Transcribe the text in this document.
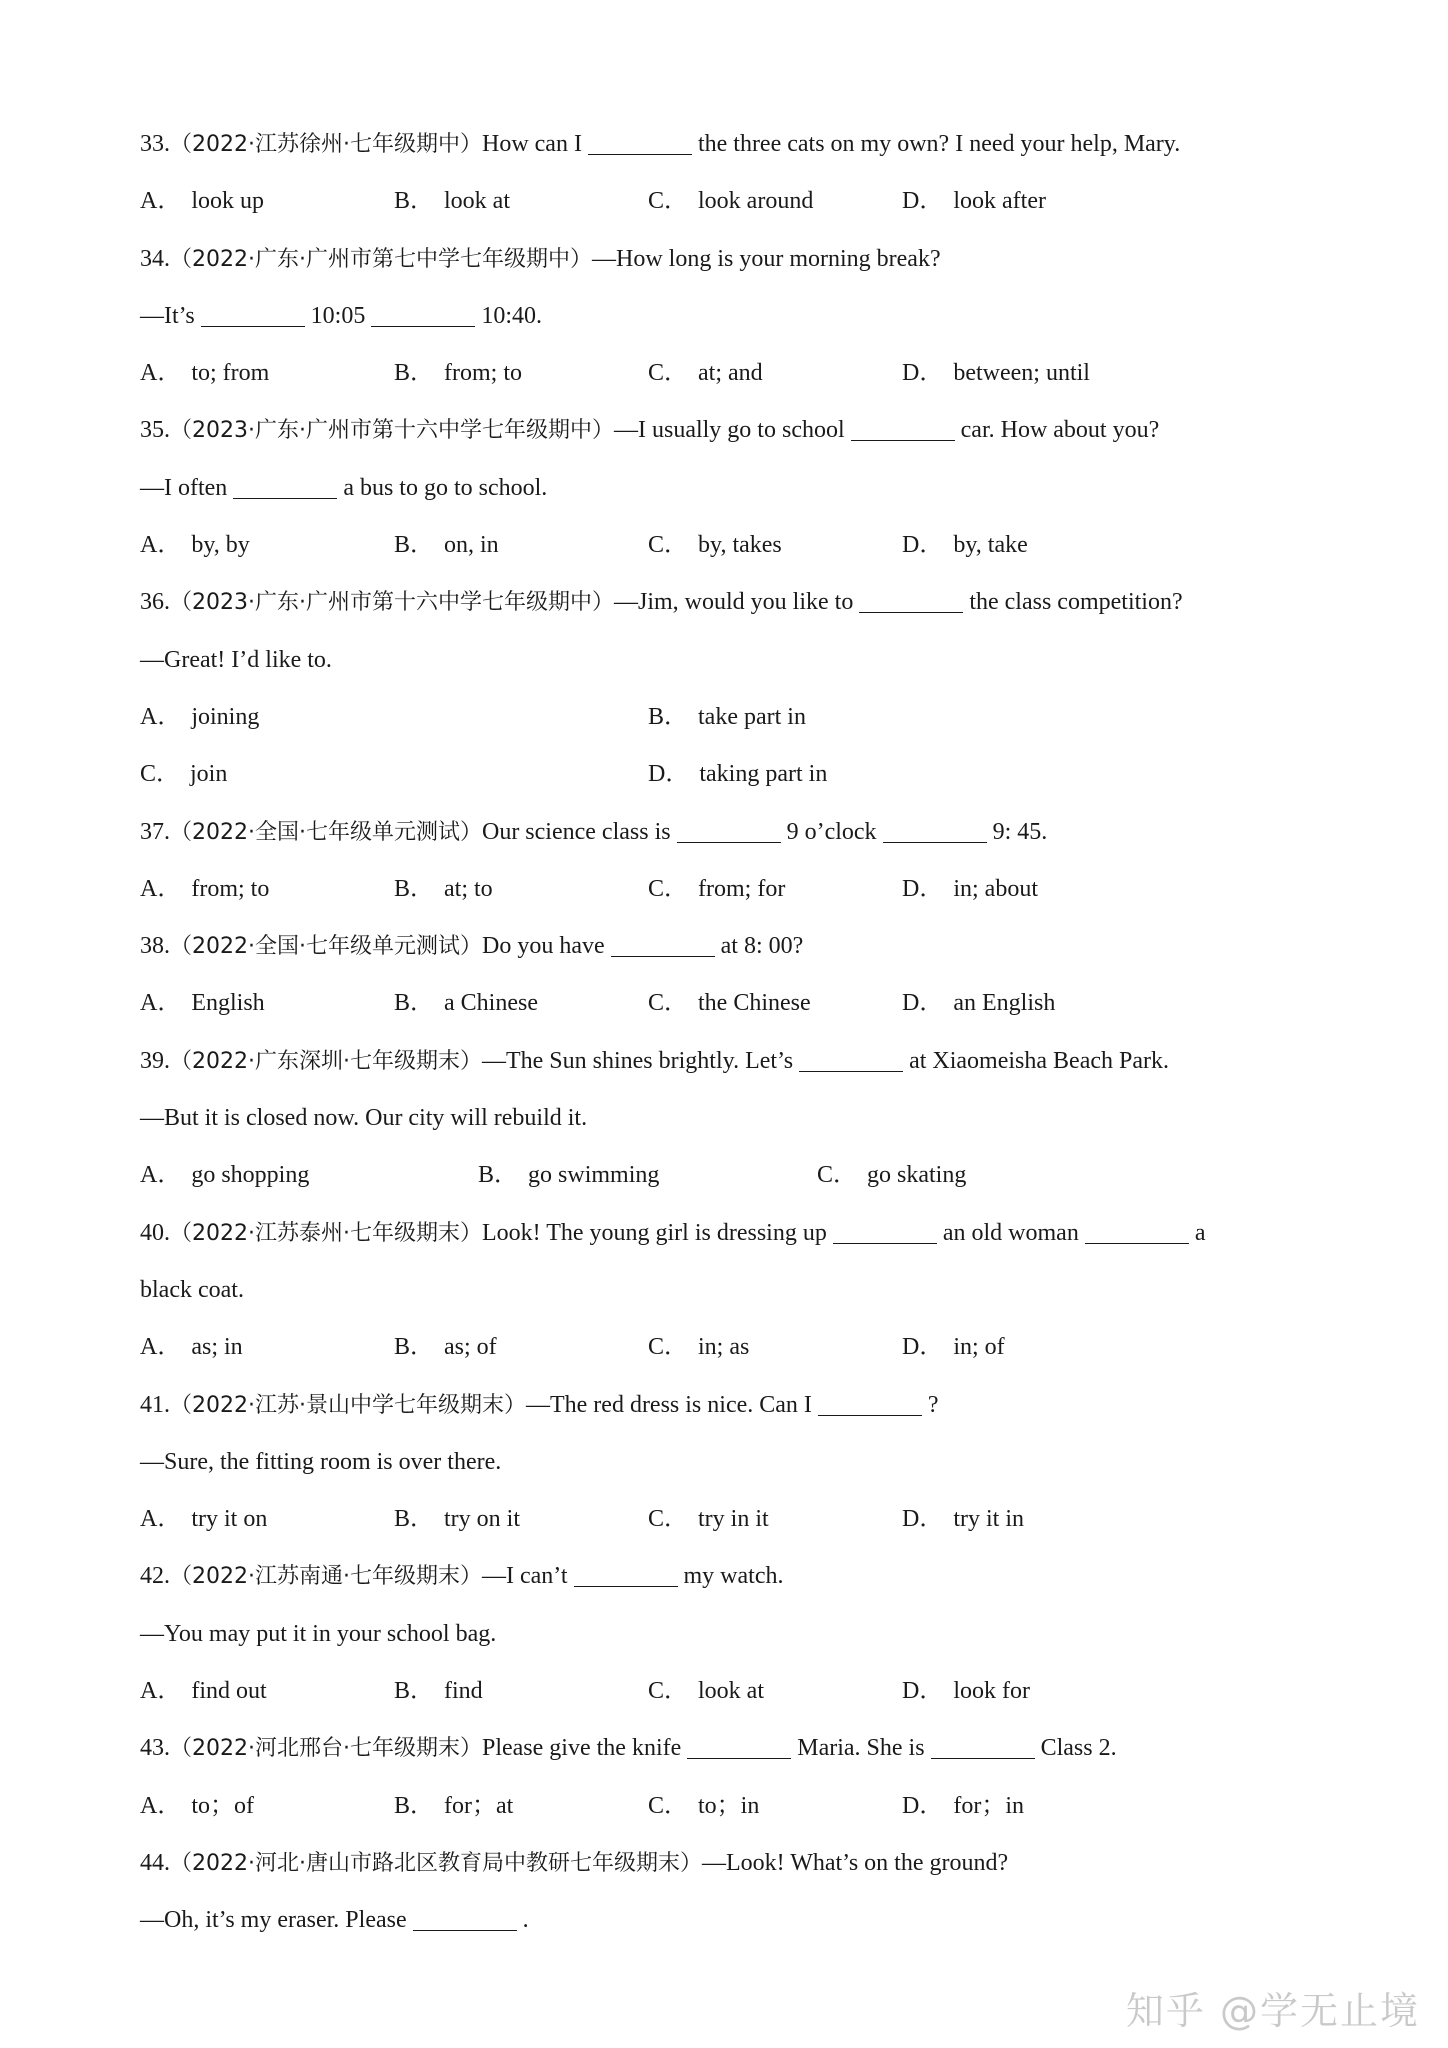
33.（2022·江苏徐州·七年级期中）How can I	the three cats on my own? I need your help, Mary.
A． look up	B． look at	C． look around	D． look after
34.（2022·广东·广州市第七中学七年级期中）—How long is your morning break?
—It’s	10:05	10:40.
A． to; from	B． from; to	C． at; and	D． between; until
35.（2023·广东·广州市第十六中学七年级期中）—I usually go to school	car. How about you?
—I often	a bus to go to school.
A． by, by	B． on, in	C． by, takes	D． by, take
36.（2023·广东·广州市第十六中学七年级期中）—Jim, would you like to	the class competition?
—Great! I’d like to.
A． joining	B． take part in
C． join	D． taking part in
37.（2022·全国·七年级单元测试）Our science class is	9 o’clock	9: 45.
A． from; to	B． at; to	C． from; for	D． in; about
38.（2022·全国·七年级单元测试）Do you have	at 8: 00?
A． English	B． a Chinese	C． the Chinese	D． an English
39.（2022·广东深圳·七年级期末）—The Sun shines brightly. Let’s	at Xiaomeisha Beach Park.
—But it is closed now. Our city will rebuild it.
A． go shopping	B． go swimming	C． go skating
40.（2022·江苏泰州·七年级期末）Look! The young girl is dressing up	an old woman	a
black coat.
A． as; in	B． as; of	C． in; as	D． in; of
41.（2022·江苏·景山中学七年级期末）—The red dress is nice. Can I	?
—Sure, the fitting room is over there.
A． try it on	B． try on it	C． try in it	D． try it in
42.（2022·江苏南通·七年级期末）—I can’t	my watch.
—You may put it in your school bag.
A． find out	B． find	C． look at	D． look for
43.（2022·河北邢台·七年级期末）Please give the knife	Maria. She is	Class 2.
A． to；of	B． for；at	C． to；in	D． for；in
44.（2022·河北·唐山市路北区教育局中教研七年级期末）—Look! What’s on the ground?
—Oh, it’s my eraser. Please	.
知乎 @学无止境
